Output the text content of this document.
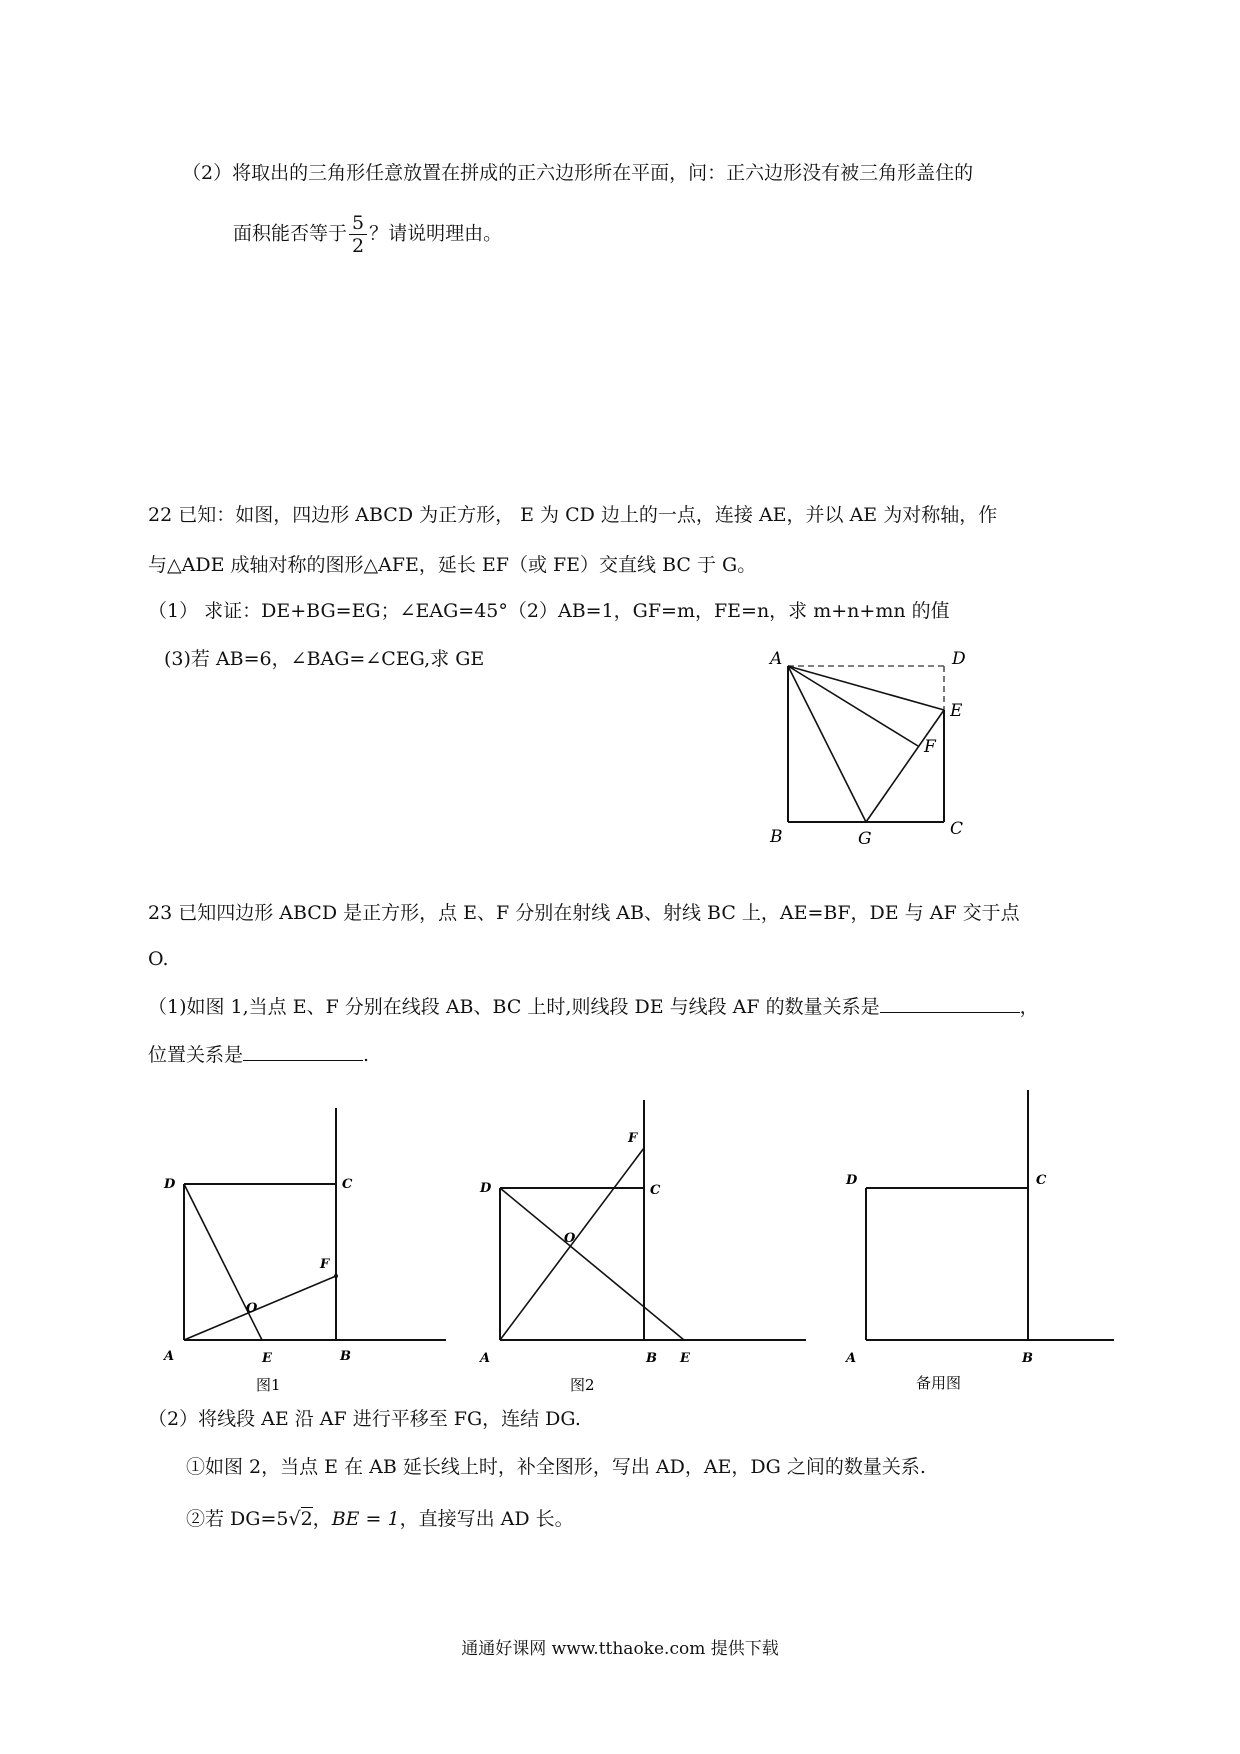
（2）将取出的三角形任意放置在拼成的正六边形所在平面，问：正六边形没有被三角形盖住的
面积能否等于 $\frac{5}{2}$ ？请说明理由。
22 已知：如图，四边形 ABCD 为正方形， E 为 CD 边上的一点，连接 AE，并以 AE 为对称轴，作
与△ADE 成轴对称的图形△AFE，延长 EF（或 FE）交直线 BC 于 G。
（1） 求证：DE+BG=EG；∠EAG=45°（2）AB=1，GF=m，FE=n，求 m+n+mn 的值
(3)若 AB=6，∠BAG=∠CEG,求 GE	A	D
E
F
B	G	C
23 已知四边形 ABCD 是正方形，点 E、F 分别在射线 AB、射线 BC 上，AE=BF，DE 与 AF 交于点
O.
（1)如图 1,当点 E、F 分别在线段 AB、BC 上时,则线段 DE 与线段 AF 的数量关系是	，
位置关系是	.
D	C
F
O
A	E	B
图1
F
D	C
O
A	B E
图2
D	C
A	B
备用图
（2）将线段 AE 沿 AF 进行平移至 FG，连结 DG.
①如图 2，当点 E 在 AB 延长线上时，补全图形，写出 AD，AE，DG 之间的数量关系.
②若 DG=5√2，BE = 1，直接写出 AD 长。
通通好课网 www.tthaoke.com 提供下载
